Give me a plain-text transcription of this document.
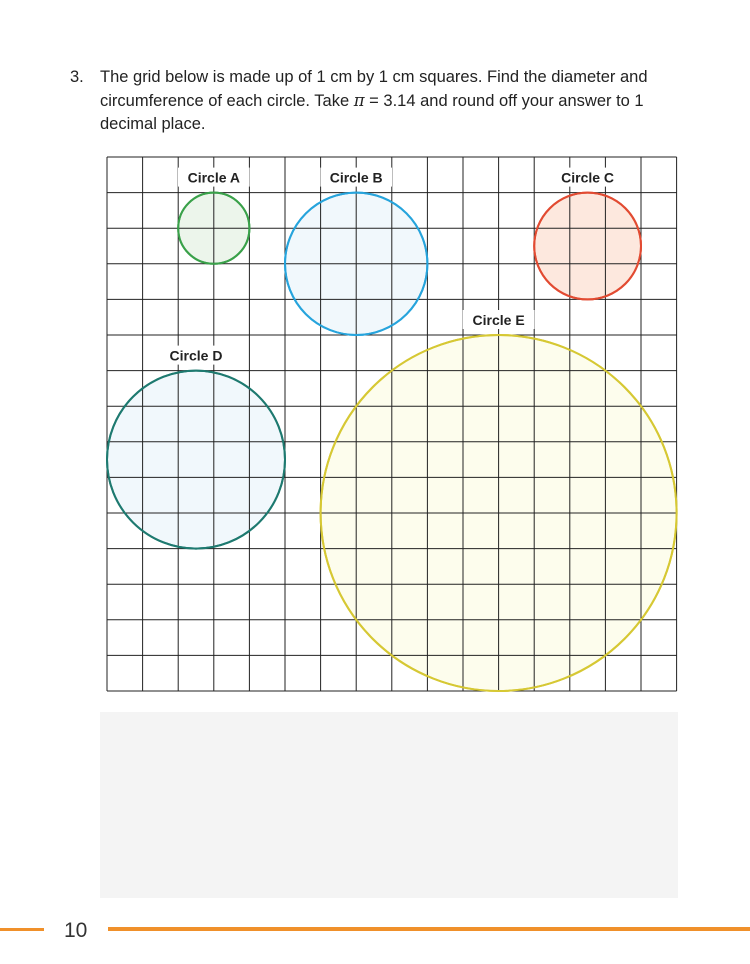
3. The grid below is made up of 1 cm by 1 cm squares. Find the diameter and circumference of each circle. Take π = 3.14 and round off your answer to 1 decimal place.
Circle A	Circle B	Circle C
Circle D
Circle E
10
